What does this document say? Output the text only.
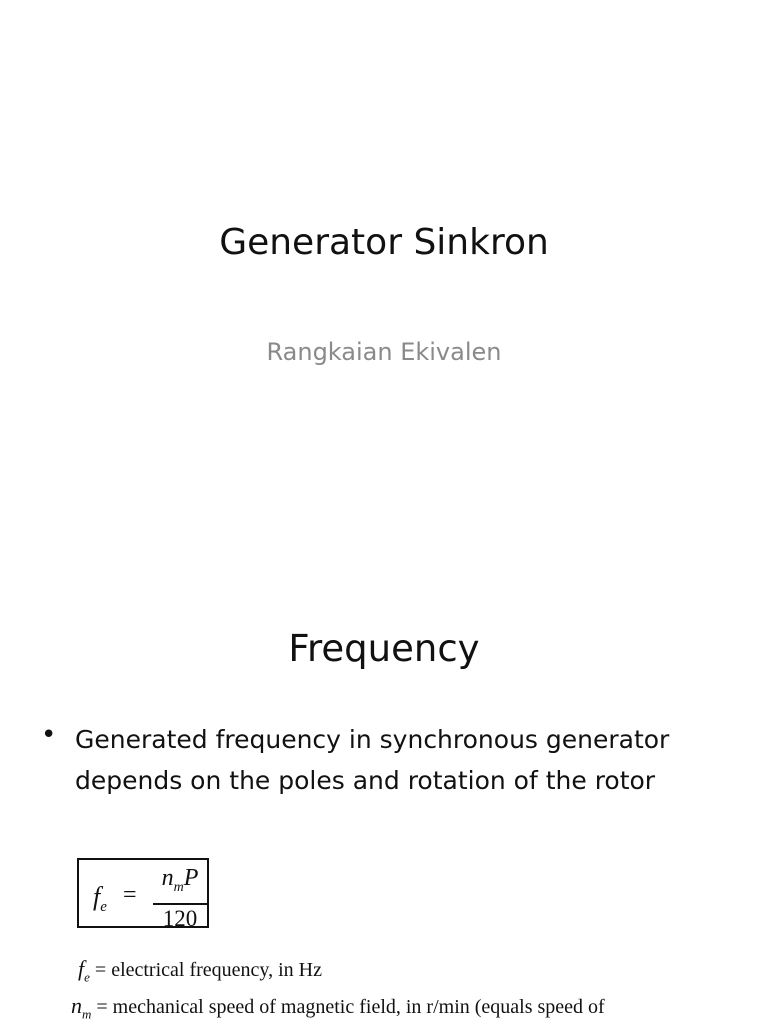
Generator Sinkron
Rangkaian Ekivalen
Frequency
• Generated frequency in synchronous generator depends on the poles and rotation of the rotor
$f_e$ =
$n_mP$
120
$f_e$ = electrical frequency, in Hz
$n_m$ = mechanical speed of magnetic field, in r/min (equals speed of
